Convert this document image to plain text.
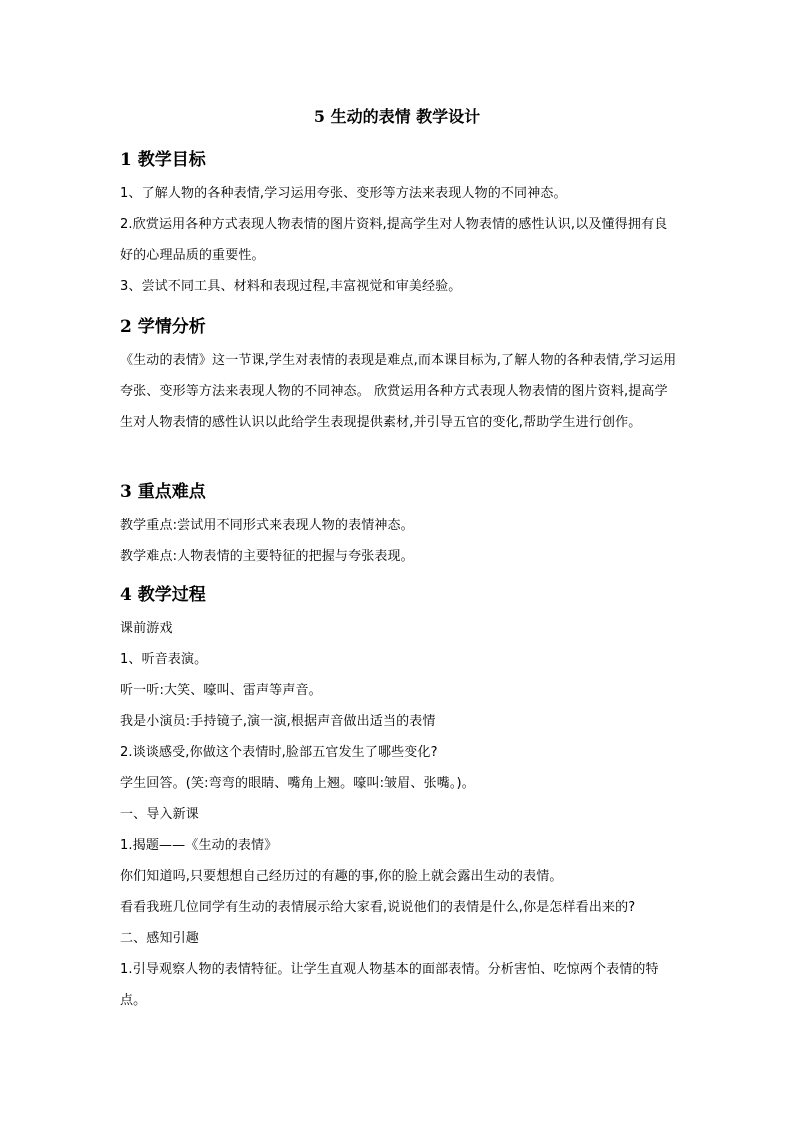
5 生动的表情 教学设计
1 教学目标

1、了解人物的各种表情,学习运用夸张、变形等方法来表现人物的不同神态。

2.欣赏运用各种方式表现人物表情的图片资料,提高学生对人物表情的感性认识,以及懂得拥有良好的心理品质的重要性。

3、尝试不同工具、材料和表现过程,丰富视觉和审美经验。

2 学情分析

《生动的表情》这一节课,学生对表情的表现是难点,而本课目标为,了解人物的各种表情,学习运用夸张、变形等方法来表现人物的不同神态。 欣赏运用各种方式表现人物表情的图片资料,提高学生对人物表情的感性认识以此给学生表现提供素材,并引导五官的变化,帮助学生进行创作。

3 重点难点

教学重点:尝试用不同形式来表现人物的表情神态。

教学难点:人物表情的主要特征的把握与夸张表现。

4 教学过程

课前游戏

1、听音表演。

听一听:大笑、嚎叫、雷声等声音。

我是小演员:手持镜子,演一演,根据声音做出适当的表情

2.谈谈感受,你做这个表情时,脸部五官发生了哪些变化?

学生回答。(笑:弯弯的眼睛、嘴角上翘。嚎叫:皱眉、张嘴。)。

一、导入新课

1.揭题——《生动的表情》

你们知道吗,只要想想自己经历过的有趣的事,你的脸上就会露出生动的表情。

看看我班几位同学有生动的表情展示给大家看,说说他们的表情是什么,你是怎样看出来的?

二、感知引趣

1.引导观察人物的表情特征。让学生直观人物基本的面部表情。分析害怕、吃惊两个表情的特点。
